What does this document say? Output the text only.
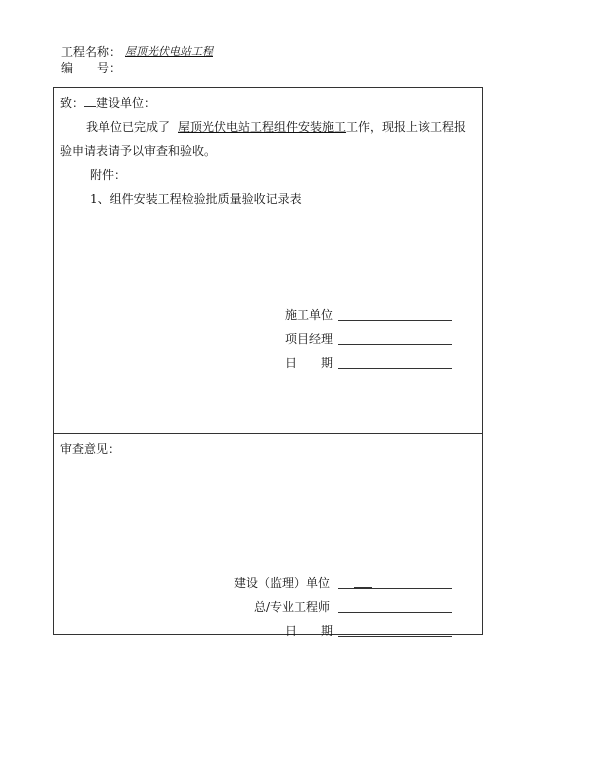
工程名称： 屋顶光伏电站工程
编　　号：
致： 建设单位：
我单位已完成了 屋顶光伏电站工程组件安装施工工作，现报上该工程报
验申请表请予以审查和验收。
附件：
1、组件安装工程检验批质量验收记录表
施工单位
项目经理
日　　期
审查意见：
建设（监理）单位
总/专业工程师
日　　期
